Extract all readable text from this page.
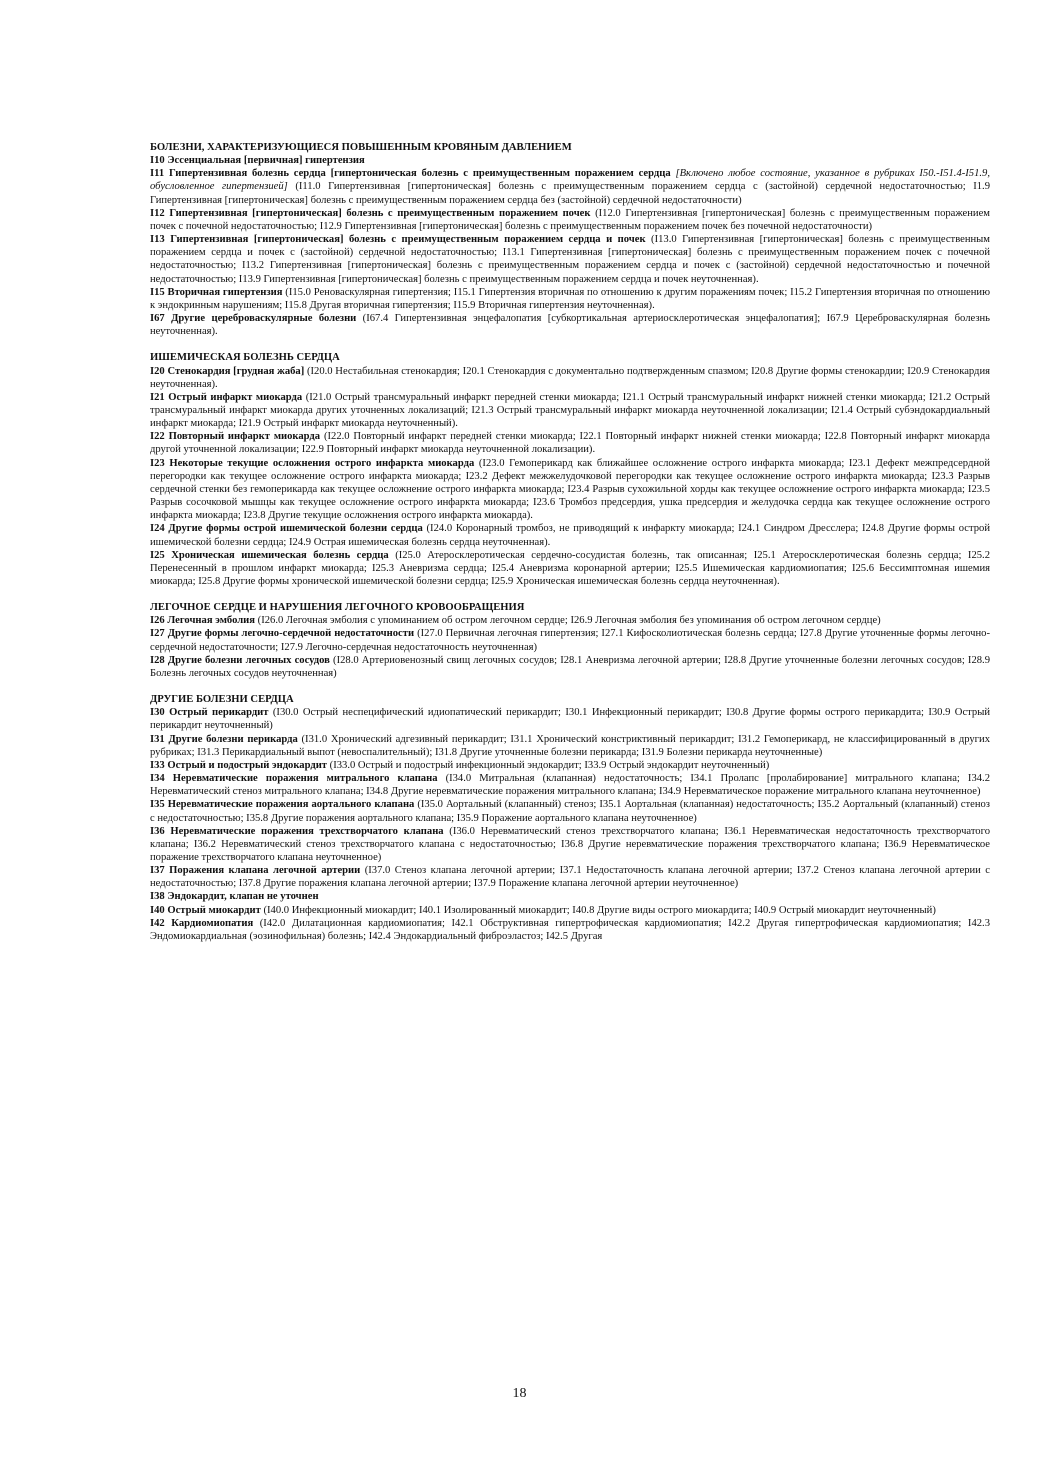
БОЛЕЗНИ, ХАРАКТЕРИЗУЮЩИЕСЯ ПОВЫШЕННЫМ КРОВЯНЫМ ДАВЛЕНИЕМ
I10 Эссенциальная [первичная] гипертензия
I11 Гипертензивная болезнь сердца [гипертоническая болезнь с преимущественным поражением сердца [Включено любое состояние, указанное в рубриках I50.-I51.4-I51.9, обусловленное гипертензией] (I11.0 Гипертензивная [гипертоническая] болезнь с преимущественным поражением сердца с (застойной) сердечной недостаточностью; I1.9 Гипертензивная [гипертоническая] болезнь с преимущественным поражением сердца без (застойной) сердечной недостаточности)
I12 Гипертензивная [гипертоническая] болезнь с преимущественным поражением почек (I12.0 Гипертензивная [гипертоническая] болезнь с преимущественным поражением почек с почечной недостаточностью; I12.9 Гипертензивная [гипертоническая] болезнь с преимущественным поражением почек без почечной недостаточности)
I13 Гипертензивная [гипертоническая] болезнь с преимущественным поражением сердца и почек (I13.0 Гипертензивная [гипертоническая] болезнь с преимущественным поражением сердца и почек с (застойной) сердечной недостаточностью; I13.1 Гипертензивная [гипертоническая] болезнь с преимущественным поражением почек с почечной недостаточностью; I13.2 Гипертензивная [гипертоническая] болезнь с преимущественным поражением сердца и почек с (застойной) сердечной недостаточностью и почечной недостаточностью; I13.9 Гипертензивная [гипертоническая] болезнь с преимущественным поражением сердца и почек неуточненная).
I15 Вторичная гипертензия (I15.0 Реноваскулярная гипертензия; I15.1 Гипертензия вторичная по отношению к другим поражениям почек; I15.2 Гипертензия вторичная по отношению к эндокринным нарушениям; I15.8 Другая вторичная гипертензия; I15.9 Вторичная гипертензия неуточненная).
I67 Другие цереброваскулярные болезни (I67.4 Гипертензивная энцефалопатия [субкортикальная артериосклеротическая энцефалопатия]; I67.9 Цереброваскулярная болезнь неуточненная).
ИШЕМИЧЕСКАЯ БОЛЕЗНЬ СЕРДЦА
I20 Стенокардия [грудная жаба] (I20.0 Нестабильная стенокардия; I20.1 Стенокардия с документально подтвержденным спазмом; I20.8 Другие формы стенокардии; I20.9 Стенокардия неуточненная).
I21 Острый инфаркт миокарда (I21.0 Острый трансмуральный инфаркт передней стенки миокарда; I21.1 Острый трансмуральный инфаркт нижней стенки миокарда; I21.2 Острый трансмуральный инфаркт миокарда других уточненных локализаций; I21.3 Острый трансмуральный инфаркт миокарда неуточненной локализации; I21.4 Острый субэндокардиальный инфаркт миокарда; I21.9 Острый инфаркт миокарда неуточненный).
I22 Повторный инфаркт миокарда (I22.0 Повторный инфаркт передней стенки миокарда; I22.1 Повторный инфаркт нижней стенки миокарда; I22.8 Повторный инфаркт миокарда другой уточненной локализации; I22.9 Повторный инфаркт миокарда неуточненной локализации).
I23 Некоторые текущие осложнения острого инфаркта миокарда (I23.0 Гемоперикард как ближайшее осложнение острого инфаркта миокарда; I23.1 Дефект межпредсердной перегородки как текущее осложнение острого инфаркта миокарда; I23.2 Дефект межжелудочковой перегородки как текущее осложнение острого инфаркта миокарда; I23.3 Разрыв сердечной стенки без гемоперикарда как текущее осложнение острого инфаркта миокарда; I23.4 Разрыв сухожильной хорды как текущее осложнение острого инфаркта миокарда; I23.5 Разрыв сосочковой мышцы как текущее осложнение острого инфаркта миокарда; I23.6 Тромбоз предсердия, ушка предсердия и желудочка сердца как текущее осложнение острого инфаркта миокарда; I23.8 Другие текущие осложнения острого инфаркта миокарда).
I24 Другие формы острой ишемической болезни сердца (I24.0 Коронарный тромбоз, не приводящий к инфаркту миокарда; I24.1 Синдром Дресслера; I24.8 Другие формы острой ишемической болезни сердца; I24.9 Острая ишемическая болезнь сердца неуточненная).
I25 Хроническая ишемическая болезнь сердца (I25.0 Атеросклеротическая сердечно-сосудистая болезнь, так описанная; I25.1 Атеросклеротическая болезнь сердца; I25.2 Перенесенный в прошлом инфаркт миокарда; I25.3 Аневризма сердца; I25.4 Аневризма коронарной артерии; I25.5 Ишемическая кардиомиопатия; I25.6 Бессимптомная ишемия миокарда; I25.8 Другие формы хронической ишемической болезни сердца; I25.9 Хроническая ишемическая болезнь сердца неуточненная).
ЛЕГОЧНОЕ СЕРДЦЕ И НАРУШЕНИЯ ЛЕГОЧНОГО КРОВООБРАЩЕНИЯ
I26 Легочная эмболия (I26.0 Легочная эмболия с упоминанием об остром легочном сердце; I26.9 Легочная эмболия без упоминания об остром легочном сердце)
I27 Другие формы легочно-сердечной недостаточности (I27.0 Первичная легочная гипертензия; I27.1 Кифосколиотическая болезнь сердца; I27.8 Другие уточненные формы легочно-сердечной недостаточности; I27.9 Легочно-сердечная недостаточность неуточненная)
I28 Другие болезни легочных сосудов (I28.0 Артериовенозный свищ легочных сосудов; I28.1 Аневризма легочной артерии; I28.8 Другие уточненные болезни легочных сосудов; I28.9 Болезнь легочных сосудов неуточненная)
ДРУГИЕ БОЛЕЗНИ СЕРДЦА
I30 Острый перикардит (I30.0 Острый неспецифический идиопатический перикардит; I30.1 Инфекционный перикардит; I30.8 Другие формы острого перикардита; I30.9 Острый перикардит неуточненный)
I31 Другие болезни перикарда (I31.0 Хронический адгезивный перикардит; I31.1 Хронический констриктивный перикардит; I31.2 Гемоперикард, не классифицированный в других рубриках; I31.3 Перикардиальный выпот (невоспалительный); I31.8 Другие уточненные болезни перикарда; I31.9 Болезни перикарда неуточненные)
I33 Острый и подострый эндокардит (I33.0 Острый и подострый инфекционный эндокардит; I33.9 Острый эндокардит неуточненный)
I34 Неревматические поражения митрального клапана (I34.0 Митральная (клапанная) недостаточность; I34.1 Пролапс [пролабирование] митрального клапана; I34.2 Неревматический стеноз митрального клапана; I34.8 Другие неревматические поражения митрального клапана; I34.9 Неревматическое поражение митрального клапана неуточненное)
I35 Неревматические поражения аортального клапана (I35.0 Аортальный (клапанный) стеноз; I35.1 Аортальная (клапанная) недостаточность; I35.2 Аортальный (клапанный) стеноз с недостаточностью; I35.8 Другие поражения аортального клапана; I35.9 Поражение аортального клапана неуточненное)
I36 Неревматические поражения трехстворчатого клапана (I36.0 Неревматический стеноз трехстворчатого клапана; I36.1 Неревматическая недостаточность трехстворчатого клапана; I36.2 Неревматический стеноз трехстворчатого клапана с недостаточностью; I36.8 Другие неревматические поражения трехстворчатого клапана; I36.9 Неревматическое поражение трехстворчатого клапана неуточненное)
I37 Поражения клапана легочной артерии (I37.0 Стеноз клапана легочной артерии; I37.1 Недостаточность клапана легочной артерии; I37.2 Стеноз клапана легочной артерии с недостаточностью; I37.8 Другие поражения клапана легочной артерии; I37.9 Поражение клапана легочной артерии неуточненное)
I38 Эндокардит, клапан не уточнен
I40 Острый миокардит (I40.0 Инфекционный миокардит; I40.1 Изолированный миокардит; I40.8 Другие виды острого миокардита; I40.9 Острый миокардит неуточненный)
I42 Кардиомиопатия (I42.0 Дилатационная кардиомиопатия; I42.1 Обструктивная гипертрофическая кардиомиопатия; I42.2 Другая гипертрофическая кардиомиопатия; I42.3 Эндомиокардиальная (эозинофильная) болезнь; I42.4 Эндокардиальный фиброэластоз; I42.5 Другая
18
